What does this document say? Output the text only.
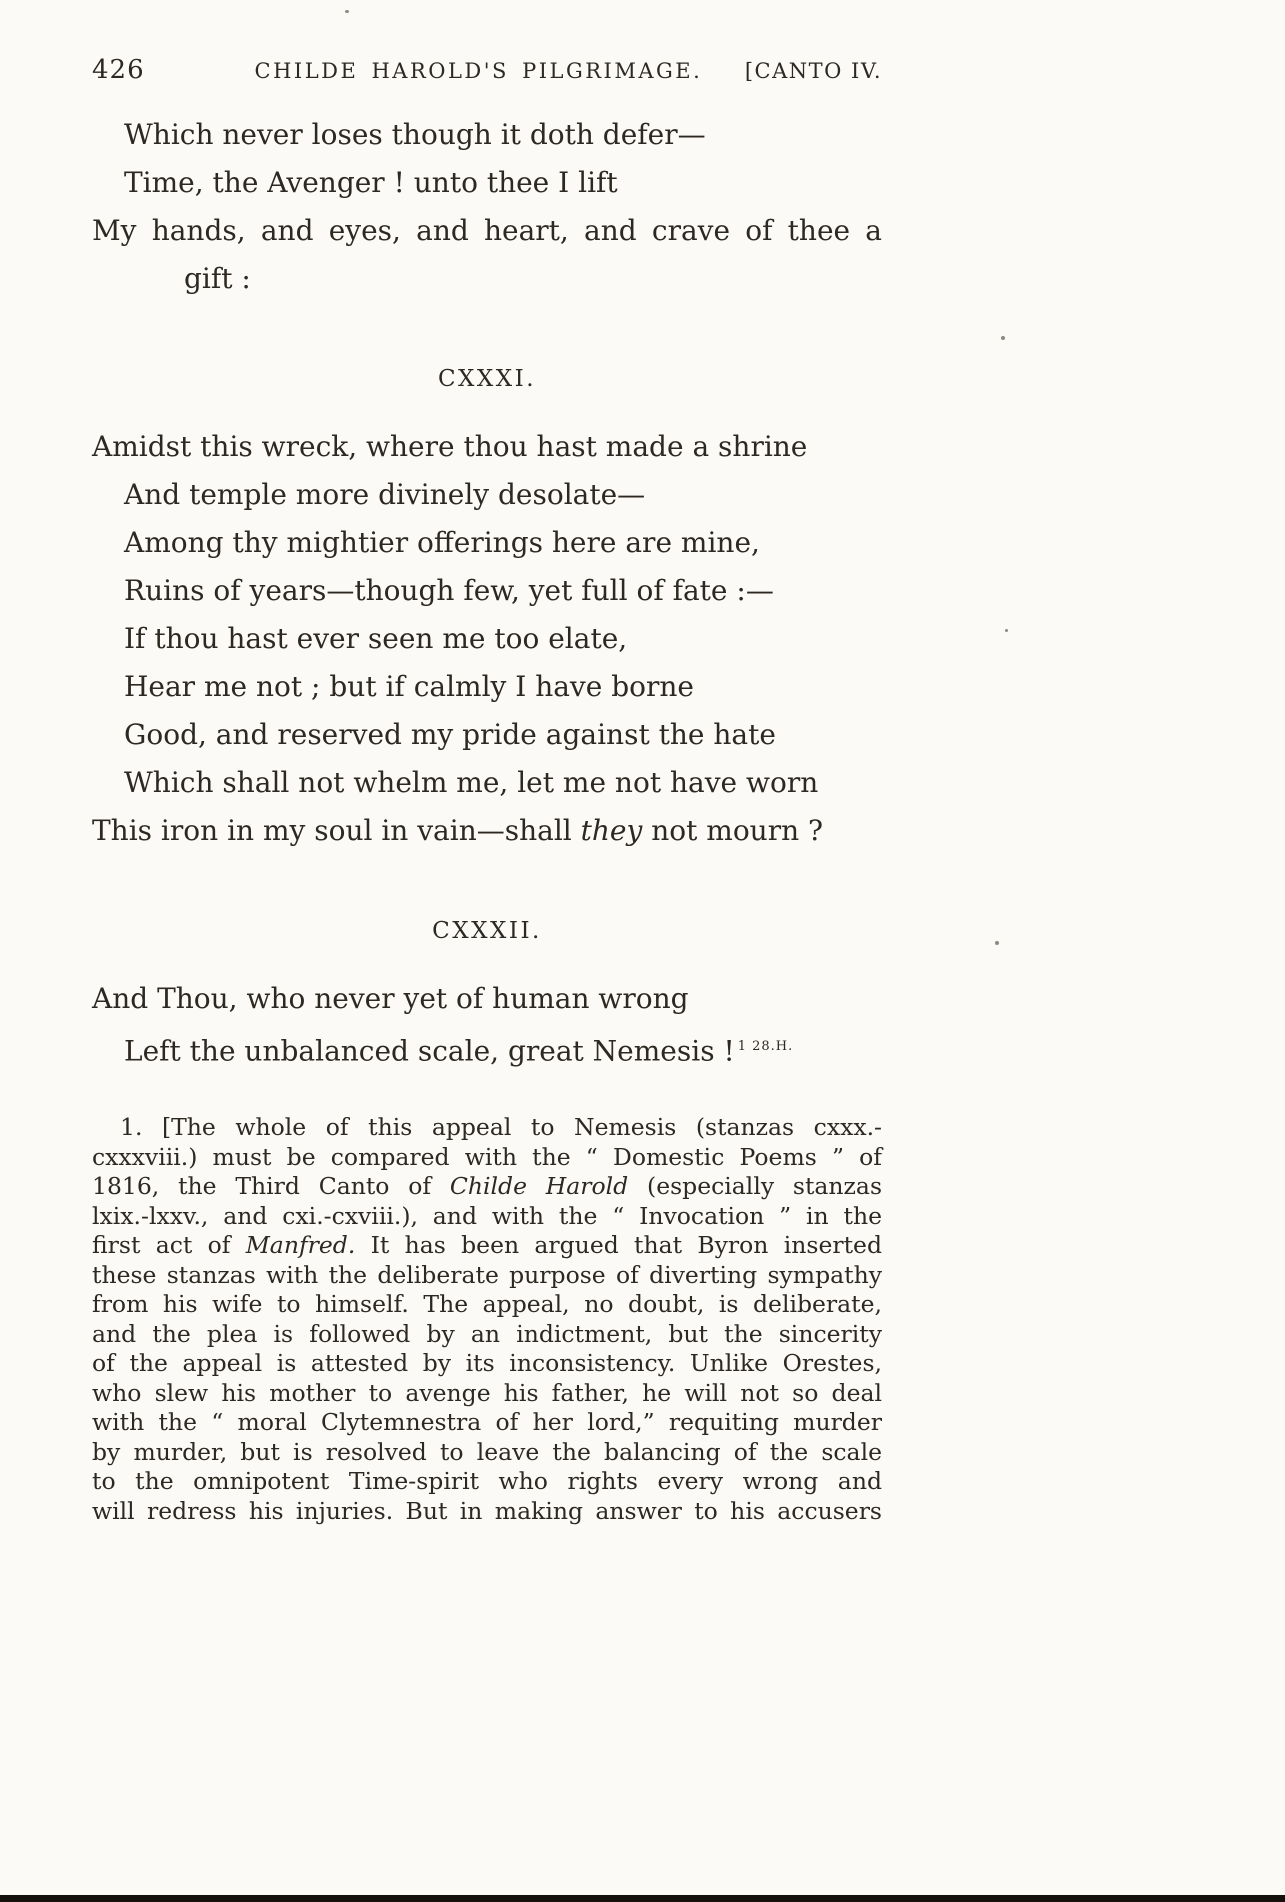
426	CHILDE HAROLD'S PILGRIMAGE.	[CANTO IV.
Which never loses though it doth defer—
Time, the Avenger ! unto thee I lift
My hands, and eyes, and heart, and crave of thee a
gift :
CXXXI.
Amidst this wreck, where thou hast made a shrine
And temple more divinely desolate—
Among thy mightier offerings here are mine,
Ruins of years—though few, yet full of fate :—
If thou hast ever seen me too elate,
Hear me not ; but if calmly I have borne
Good, and reserved my pride against the hate
Which shall not whelm me, let me not have worn
This iron in my soul in vain—shall they not mourn ?
CXXXII.
And Thou, who never yet of human wrong
Left the unbalanced scale, great Nemesis ! $^{1 28.H.}$
1. [The whole of this appeal to Nemesis (stanzas cxxx.-
cxxxviii.) must be compared with the “ Domestic Poems ” of
1816, the Third Canto of Childe Harold (especially stanzas
lxix.-lxxv., and cxi.-cxviii.), and with the “ Invocation ” in the
first act of Manfred. It has been argued that Byron inserted
these stanzas with the deliberate purpose of diverting sympathy
from his wife to himself. The appeal, no doubt, is deliberate,
and the plea is followed by an indictment, but the sincerity
of the appeal is attested by its inconsistency. Unlike Orestes,
who slew his mother to avenge his father, he will not so deal
with the “ moral Clytemnestra of her lord,” requiting murder
by murder, but is resolved to leave the balancing of the scale
to the omnipotent Time-spirit who rights every wrong and
will redress his injuries. But in making answer to his accusers
